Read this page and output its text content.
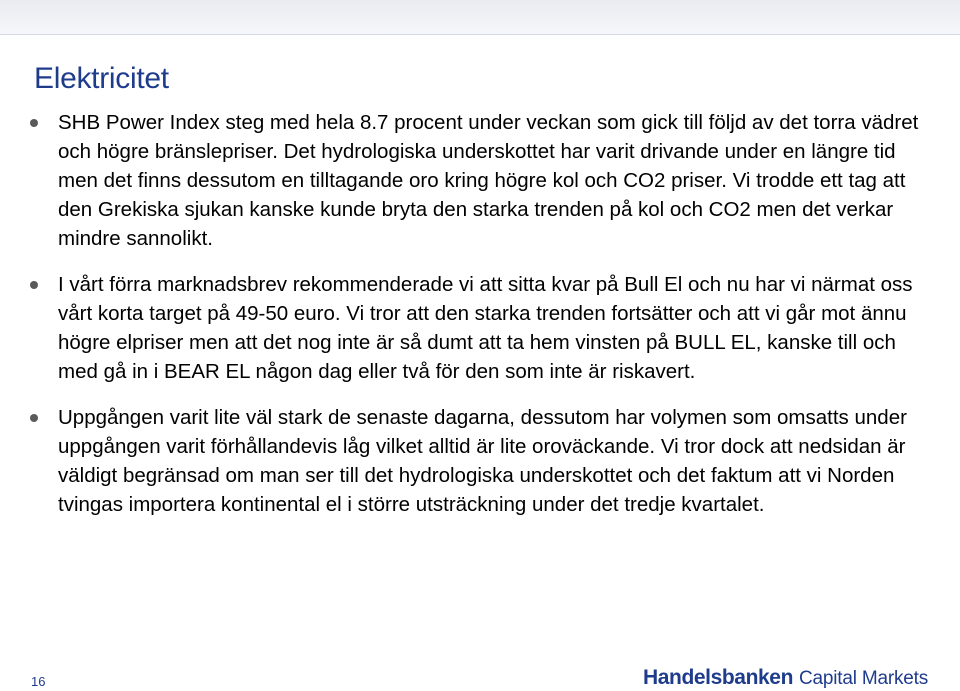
Elektricitet
SHB Power Index steg med hela 8.7 procent under veckan som gick till följd av det torra vädret och högre bränslepriser. Det hydrologiska underskottet har varit drivande under en längre tid men det finns dessutom en tilltagande oro kring högre kol och CO2 priser. Vi trodde ett tag att den Grekiska sjukan kanske kunde bryta den starka trenden på kol och CO2 men det verkar mindre sannolikt.
I vårt förra marknadsbrev rekommenderade vi att sitta kvar på Bull El och nu har vi närmat oss vårt korta target på 49-50 euro. Vi tror att den starka trenden fortsätter och att vi går mot ännu högre elpriser men att det nog inte är så dumt att ta hem vinsten på BULL EL, kanske till och med gå in i BEAR EL någon dag eller två för den som inte är riskavert.
Uppgången varit lite väl stark de senaste dagarna, dessutom har volymen som omsatts under uppgången varit förhållandevis låg vilket alltid är lite oroväckande. Vi tror dock att nedsidan är väldigt begränsad om man ser till det hydrologiska underskottet och det faktum att vi Norden tvingas importera kontinental el i större utsträckning under det tredje kvartalet.
16	Handelsbanken Capital Markets
